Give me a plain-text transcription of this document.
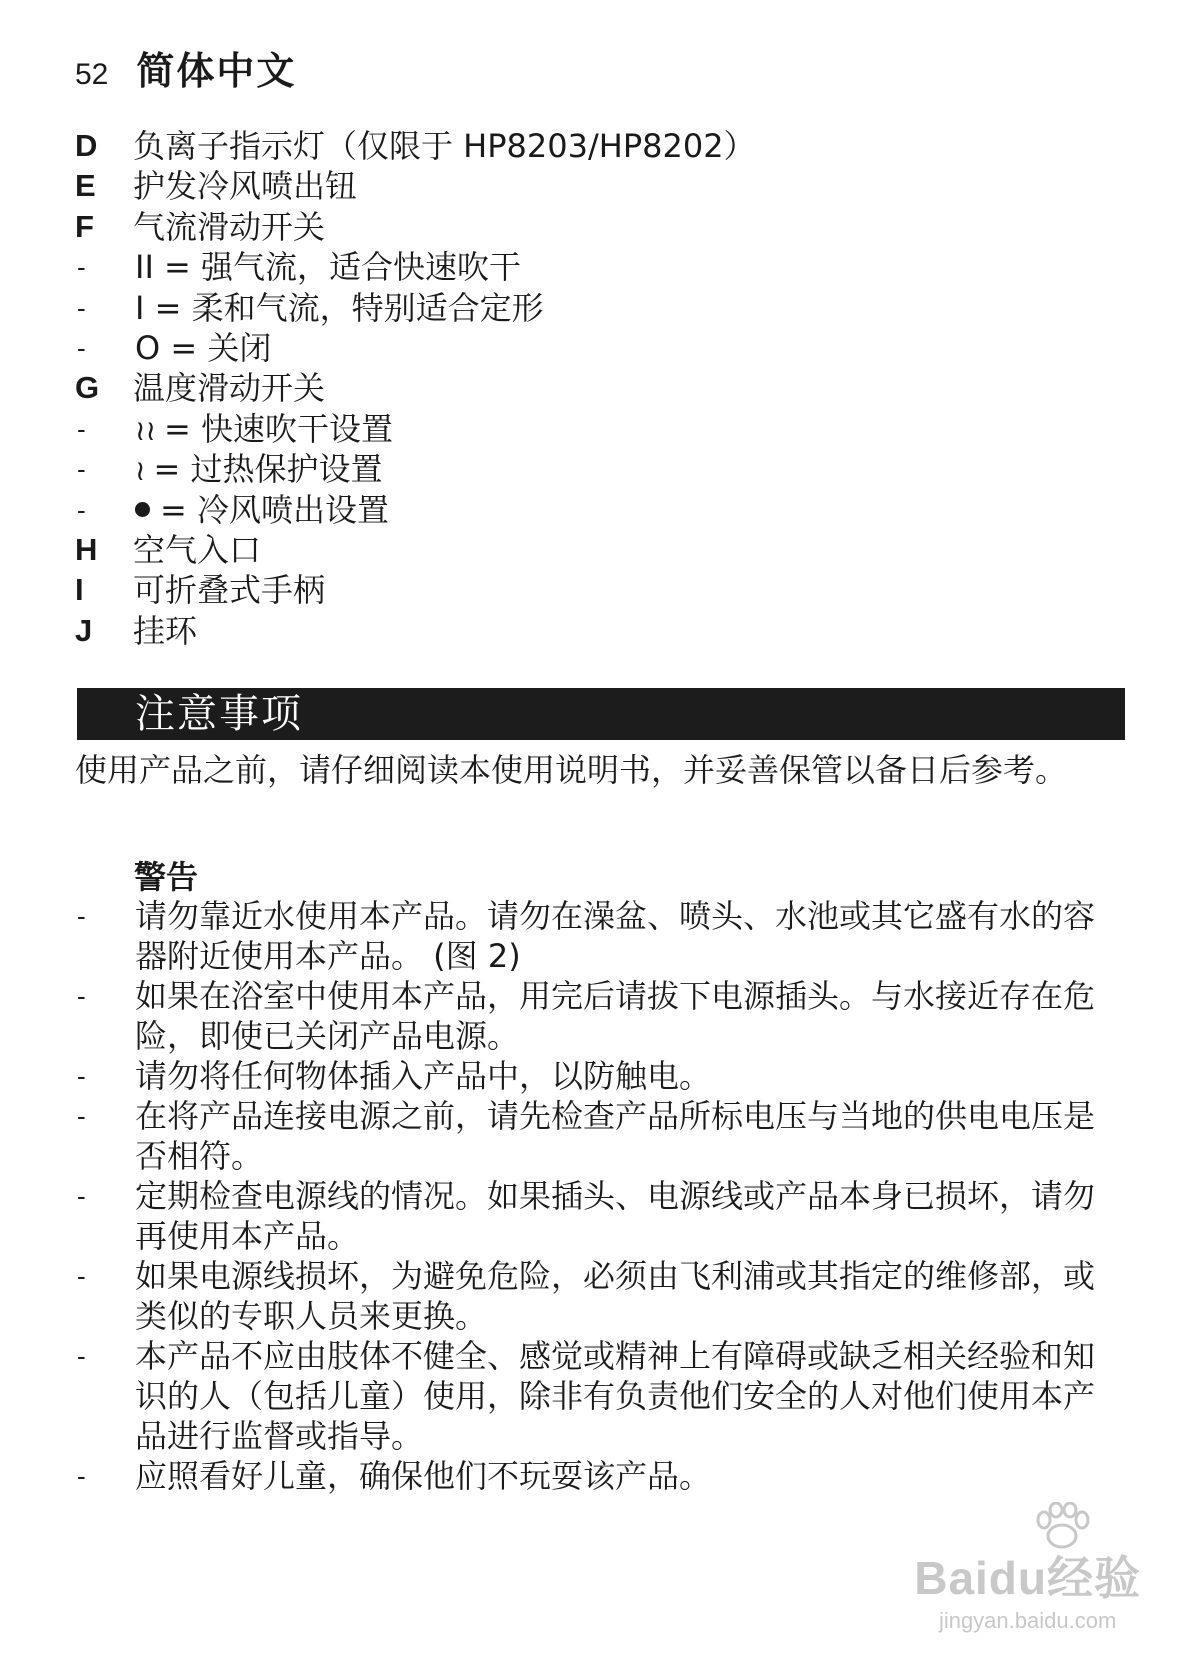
52 简体中文
D	负离子指示灯（仅限于 HP8203/HP8202）
E	护发冷风喷出钮
F	气流滑动开关
-	II = 强气流，适合快速吹干
-	I = 柔和气流，特别适合定形
-	O = 关闭
G	温度滑动开关
-	≀≀ = 快速吹干设置
-	≀ = 过热保护设置
-	= 冷风喷出设置
H	空气入口
I	可折叠式手柄
J	挂环
注意事项
使用产品之前，请仔细阅读本使用说明书，并妥善保管以备日后参考。
警告
-	请勿靠近水使用本产品。请勿在澡盆、喷头、水池或其它盛有水的容器附近使用本产品。 (图 2)
-	如果在浴室中使用本产品，用完后请拔下电源插头。与水接近存在危险，即使已关闭产品电源。
-	请勿将任何物体插入产品中，以防触电。
-	在将产品连接电源之前，请先检查产品所标电压与当地的供电电压是否相符。
-	定期检查电源线的情况。如果插头、电源线或产品本身已损坏，请勿再使用本产品。
-	如果电源线损坏，为避免危险，必须由飞利浦或其指定的维修部，或类似的专职人员来更换。
-	本产品不应由肢体不健全、感觉或精神上有障碍或缺乏相关经验和知识的人（包括儿童）使用，除非有负责他们安全的人对他们使用本产品进行监督或指导。
-	应照看好儿童，确保他们不玩耍该产品。
Baidu经验
jingyan.baidu.com
